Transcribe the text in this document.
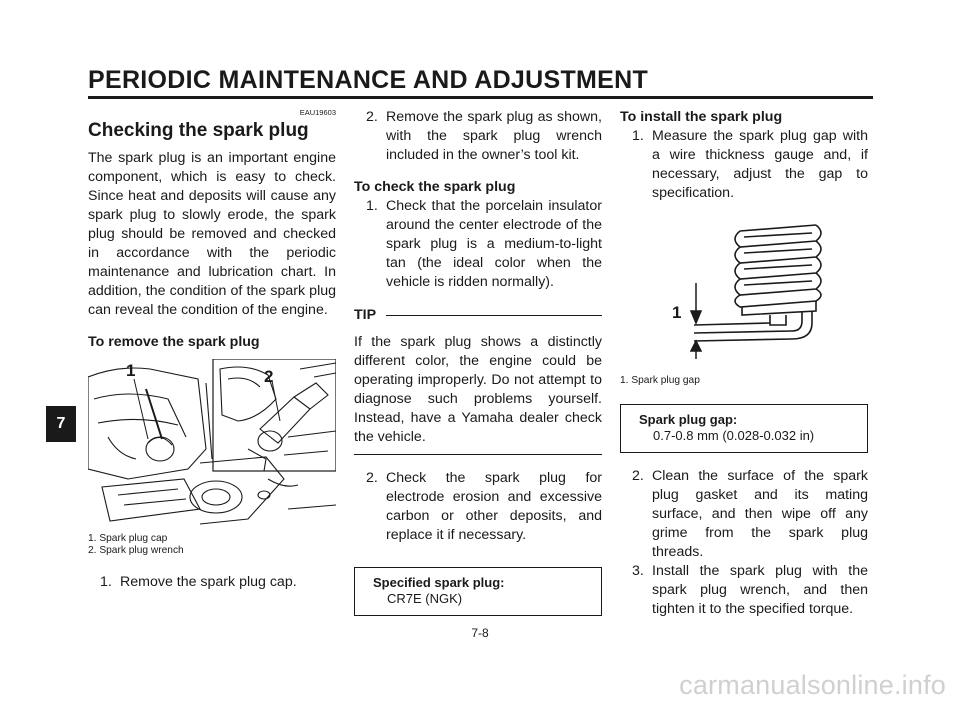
PERIODIC MAINTENANCE AND ADJUSTMENT
7
EAU19603
Checking the spark plug

The spark plug is an important engine component, which is easy to check. Since heat and deposits will cause any spark plug to slowly erode, the spark plug should be removed and checked in accordance with the periodic maintenance and lubrication chart. In addition, the condition of the spark plug can reveal the condition of the engine.

To remove the spark plug
1	2
1. Spark plug cap
2. Spark plug wrench
1. Remove the spark plug cap.
2. Remove the spark plug as shown, with the spark plug wrench included in the owner’s tool kit.
To check the spark plug
1. Check that the porcelain insulator around the center electrode of the spark plug is a medium-to-light tan (the ideal color when the vehicle is ridden normally).
TIP

If the spark plug shows a distinctly different color, the engine could be operating improperly. Do not attempt to diagnose such problems yourself. Instead, have a Yamaha dealer check the vehicle.

2. Check the spark plug for electrode erosion and excessive carbon or other deposits, and replace it if necessary.
Specified spark plug:
CR7E (NGK)
To install the spark plug
1. Measure the spark plug gap with a wire thickness gauge and, if necessary, adjust the gap to specification.
1
1. Spark plug gap
Spark plug gap:
0.7-0.8 mm (0.028-0.032 in)
2. Clean the surface of the spark plug gasket and its mating surface, and then wipe off any grime from the spark plug threads.
3. Install the spark plug with the spark plug wrench, and then tighten it to the specified torque.
7-8
carmanualsonline.info
